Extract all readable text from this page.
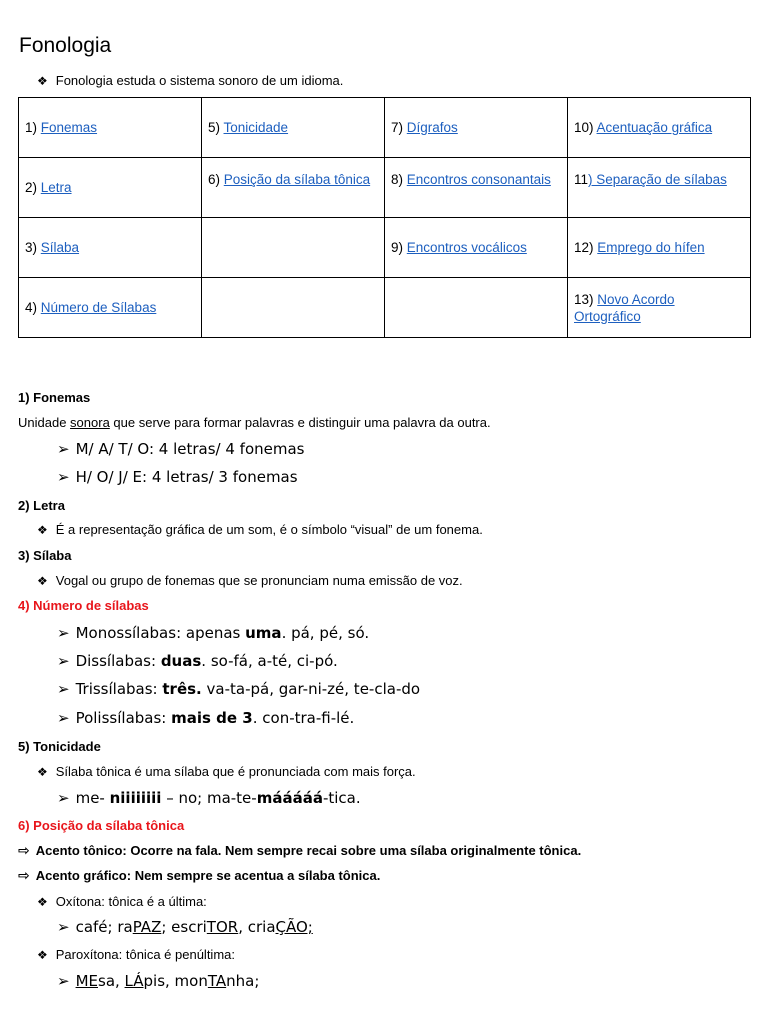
Fonologia
❖ Fonologia estuda o sistema sonoro de um idioma.
1) Fonemas	5) Tonicidade	7) Dígrafos	10) Acentuação gráfica
2) Letra	6) Posição da sílaba tônica	8) Encontros consonantais	11) Separação de sílabas
3) Sílaba		9) Encontros vocálicos	12) Emprego do hífen
4) Número de Sílabas			13) Novo Acordo Ortográfico
1) Fonemas
Unidade sonora que serve para formar palavras e distinguir uma palavra da outra.
➢ M/ A/ T/ O: 4 letras/ 4 fonemas
➢ H/ O/ J/ E: 4 letras/ 3 fonemas
2) Letra
❖ É a representação gráfica de um som, é o símbolo “visual” de um fonema.
3) Sílaba
❖ Vogal ou grupo de fonemas que se pronunciam numa emissão de voz.
4) Número de sílabas
➢ Monossílabas: apenas uma. pá, pé, só.
➢ Dissílabas: duas. so-fá, a-té, ci-pó.
➢ Trissílabas: três. va-ta-pá, gar-ni-zé, te-cla-do
➢ Polissílabas: mais de 3. con-tra-fi-lé.
5) Tonicidade
❖ Sílaba tônica é uma sílaba que é pronunciada com mais força.
➢ me- niiiiiiii – no; ma-te-mááááá-tica.
6) Posição da sílaba tônica
⇨ Acento tônico: Ocorre na fala. Nem sempre recai sobre uma sílaba originalmente tônica.
⇨ Acento gráfico: Nem sempre se acentua a sílaba tônica.
❖ Oxítona: tônica é a última:
➢ café; raPAZ; escriTOR, criaÇÃO;
❖ Paroxítona: tônica é penúltima:
➢ MEsa, LÁpis, monTAnha;
